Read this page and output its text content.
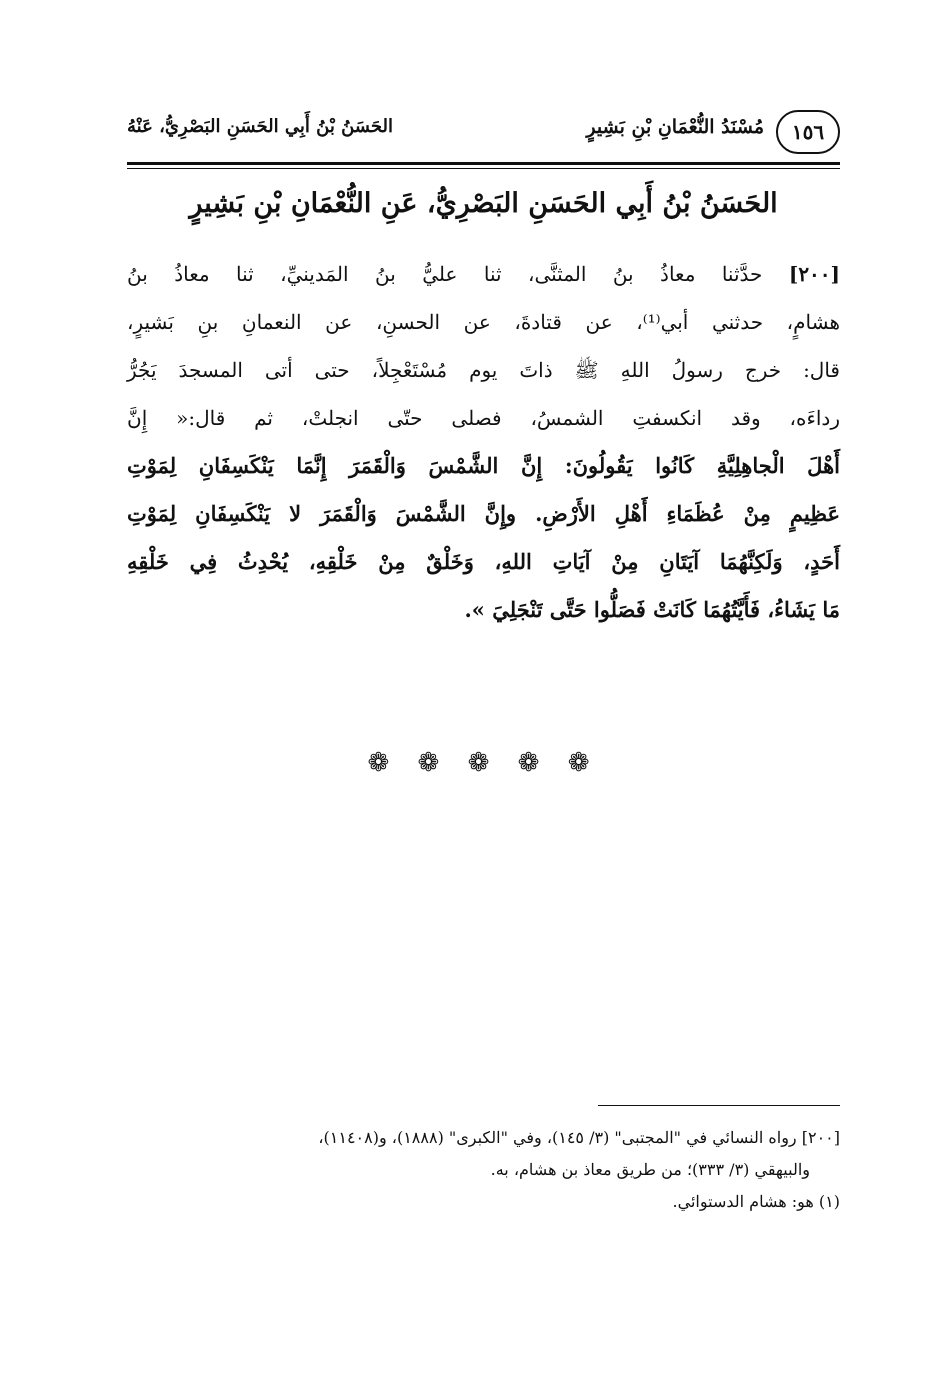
١٥٦
مُسْنَدُ النُّعْمَانِ بْنِ بَشِيرٍ
الحَسَنُ بْنُ أَبِي الحَسَنِ البَصْرِيُّ، عَنْهُ
الحَسَنُ بْنُ أَبِي الحَسَنِ البَصْرِيُّ، عَنِ النُّعْمَانِ بْنِ بَشِيرٍ
[٢٠٠] حدَّثنا معاذُ بنُ المثنَّى، ثنا عليُّ بنُ المَدينيِّ، ثنا معاذُ بنُ
هشامٍ، حدثني أبي⁽¹⁾، عن قتادةَ، عن الحسنِ، عن النعمانِ بنِ بَشيرٍ،
قال: خرج رسولُ اللهِ ﷺ ذاتَ يوم مُسْتَعْجِلاً، حتى أتى المسجدَ يَجُرُّ
رداءَه، وقد انكسفتِ الشمسُ، فصلى حتّى انجلتْ، ثم قال:« إِنَّ
أَهْلَ الْجاهِلِيَّةِ كَانُوا يَقُولُونَ: إِنَّ الشَّمْسَ وَالْقَمَرَ إِنَّمَا يَنْكَسِفَانِ لِمَوْتِ
عَظِيمٍ مِنْ عُظَمَاءِ أَهْلِ الأَرْضِ. وإِنَّ الشَّمْسَ وَالْقَمَرَ لا يَنْكَسِفَانِ لِمَوْتِ
أَحَدٍ، وَلَكِنَّهُمَا آيَتَانِ مِنْ آيَاتِ اللهِ، وَخَلْقٌ مِنْ خَلْقِهِ، يُحْدِثُ فِي خَلْقِهِ
مَا يَشَاءُ، فَأَيَّتُهُمَا كَانَتْ فَصَلُّوا حَتَّى تَنْجَلِيَ ».
❁ ❁ ❁ ❁ ❁
[٢٠٠] رواه النسائي في "المجتبى" (٣/ ١٤٥)، وفي "الكبرى" (١٨٨٨)، و(١١٤٠٨)،
والبيهقي (٣/ ٣٣٣)؛ من طريق معاذ بن هشام، به.
(١) هو: هشام الدستوائي.
